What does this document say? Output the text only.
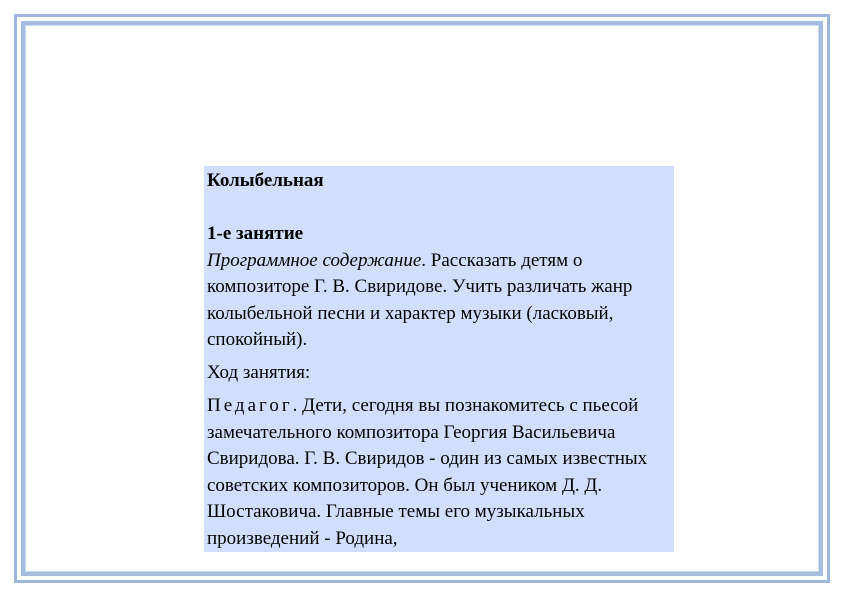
Колыбельная

1-е занятие

Программное содержание. Рассказать детям о композиторе Г. В. Свиридове. Учить различать жанр колыбельной песни и характер музыки (ласковый, спокойный).

Ход занятия:

Педагог. Дети, сегодня вы познакомитесь с пьесой замечательного композитора Георгия Васильевича Свиридова. Г. В. Свиридов - один из самых известных советских композиторов. Он был учеником Д. Д. Шостаковича. Главные темы его музыкальных произведений - Родина,
